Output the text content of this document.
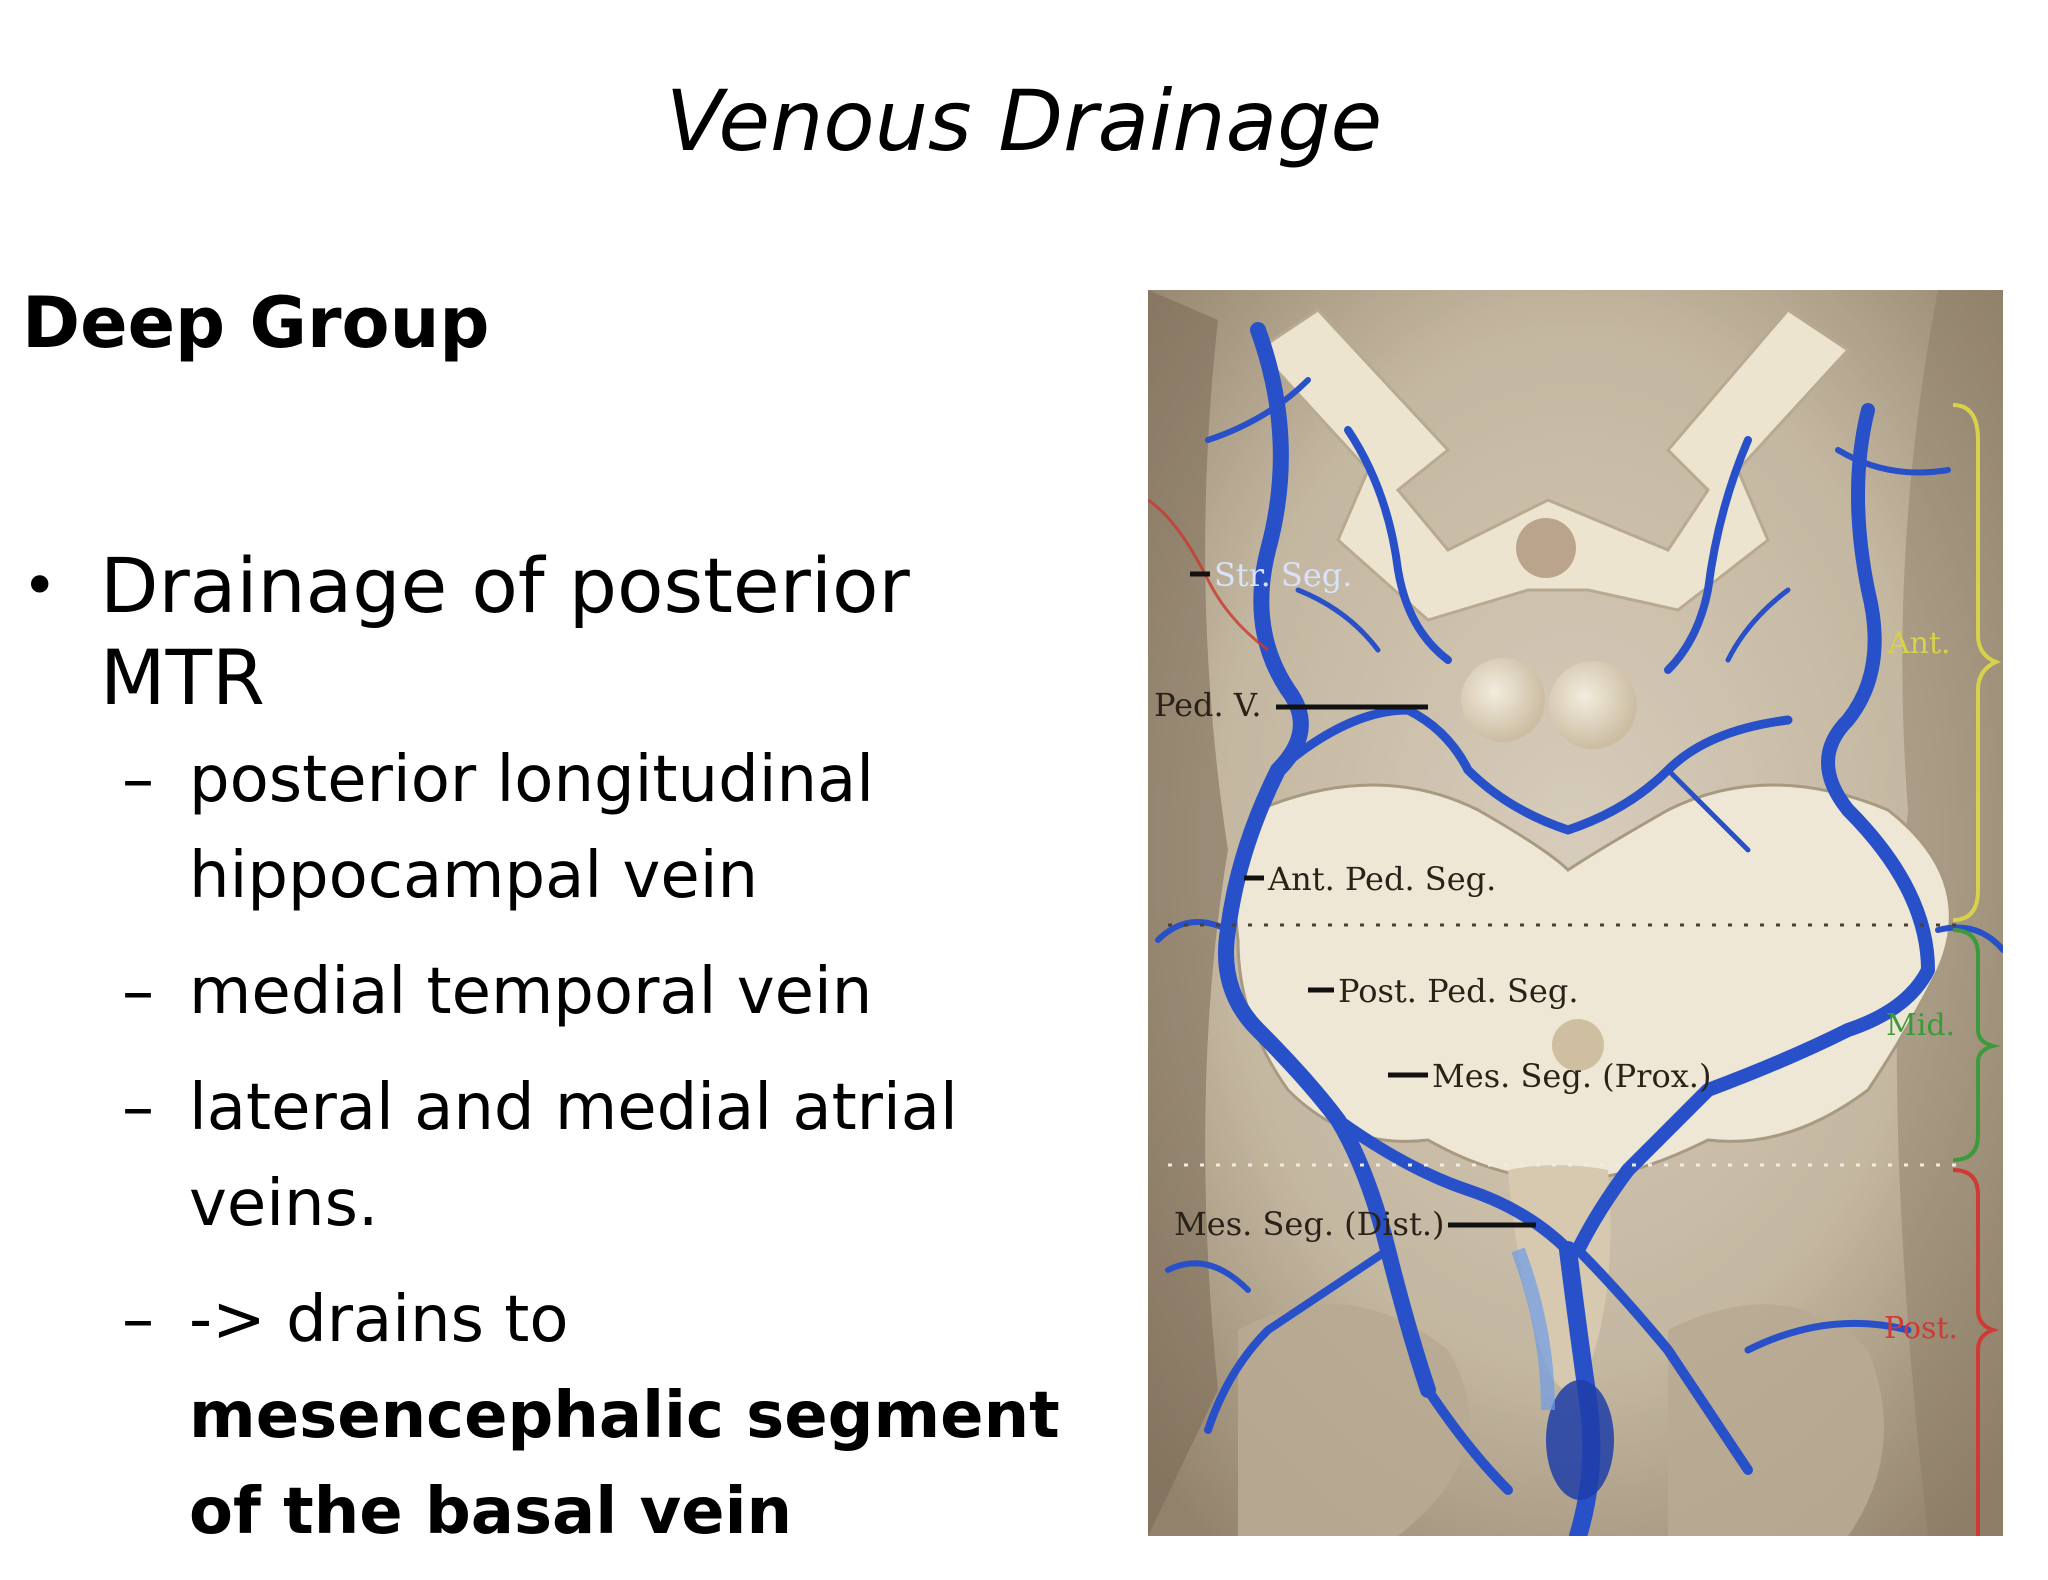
Venous Drainage
Deep Group
• Drainage of posterior MTR
– posterior longitudinal hippocampal vein
– medial temporal vein
– lateral and medial atrial veins.
– -> drains to mesencephalic segment of the basal vein
Str. Seg.
Ped. V.
Ant. Ped. Seg.
Post. Ped. Seg.
Mes. Seg. (Prox.)
Mes. Seg. (Dist.)
Ant.
Mid.
Post.
